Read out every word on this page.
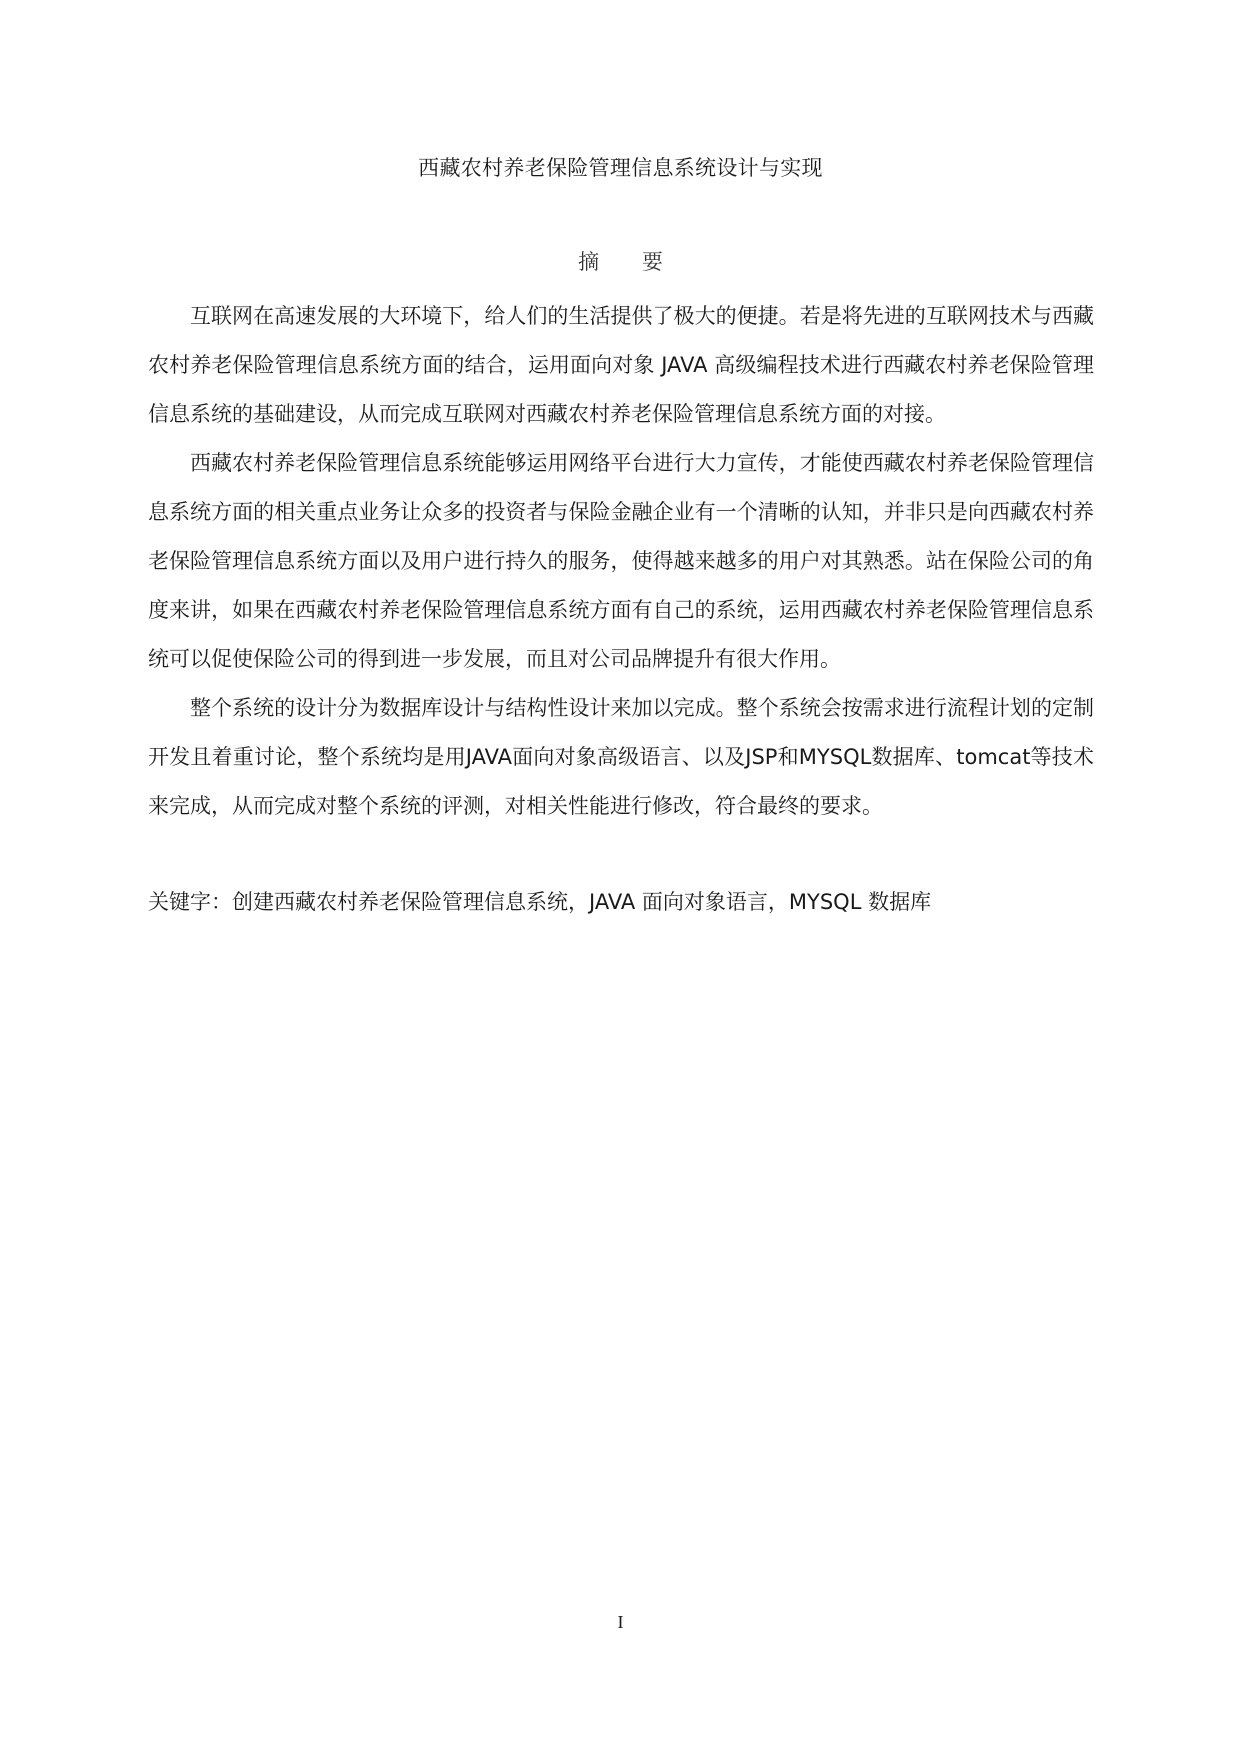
西藏农村养老保险管理信息系统设计与实现
摘 要

互联网在高速发展的大环境下，给人们的生活提供了极大的便捷。若是将先进的互联网技术与西藏农村养老保险管理信息系统方面的结合，运用面向对象 JAVA 高级编程技术进行西藏农村养老保险管理信息系统的基础建设，从而完成互联网对西藏农村养老保险管理信息系统方面的对接。

西藏农村养老保险管理信息系统能够运用网络平台进行大力宣传，才能使西藏农村养老保险管理信息系统方面的相关重点业务让众多的投资者与保险金融企业有一个清晰的认知，并非只是向西藏农村养老保险管理信息系统方面以及用户进行持久的服务，使得越来越多的用户对其熟悉。站在保险公司的角度来讲，如果在西藏农村养老保险管理信息系统方面有自己的系统，运用西藏农村养老保险管理信息系统可以促使保险公司的得到进一步发展，而且对公司品牌提升有很大作用。

整个系统的设计分为数据库设计与结构性设计来加以完成。整个系统会按需求进行流程计划的定制开发且着重讨论，整个系统均是用JAVA面向对象高级语言、以及JSP和MYSQL数据库、tomcat等技术来完成，从而完成对整个系统的评测，对相关性能进行修改，符合最终的要求。

关键字：创建西藏农村养老保险管理信息系统，JAVA 面向对象语言，MYSQL 数据库
I
